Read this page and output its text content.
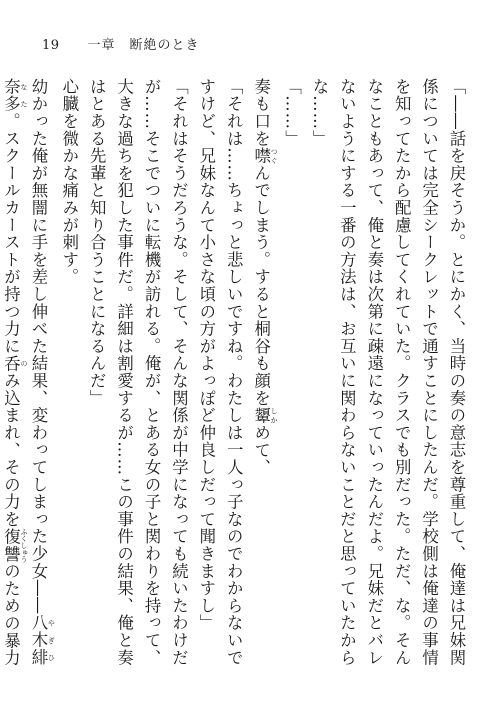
19 一章　断絶のとき

「――話を戻そうか。とにかく、当時の奏の意志を尊重して、俺達は兄妹関係については完全シークレットで通すことにしたんだ。学校側は俺達の事情を知ってたから配慮してくれていた。クラスでも別だった。ただ、な。そんなこともあって、俺と奏は次第に疎遠になっていったんだよ。兄妹だとバレないようにする一番の方法は、お互いに関わらないことだと思っていたからな……」

「……」

奏も口を噤 つぐんでしまう。すると桐谷も顔を顰 しかめて、

「それは……ちょっと悲しいですね。わたしは一人っ子なのでわからないですけど、兄妹なんて小さな頃の方がよっぽど仲良しだって聞きますし」

「それはそうだろうな。そして、そんな関係が中学になっても続いたわけだが……そこでついに転機が訪れる。俺が、とある女の子と関わりを持って、大きな過ちを犯した事件だ。詳細は割愛するが……この事件の結果、俺と奏はとある先輩と知り合うことになるんだ」

心臓を微かな痛みが刺す。

幼かった俺が無闇に手を差し伸べた結果、変わってしまった少女――八木緋奈多やぎひなた。スクールカーストが持つ力に呑 のみ込まれ、その力を復讐 ふくしゅうのための暴力
